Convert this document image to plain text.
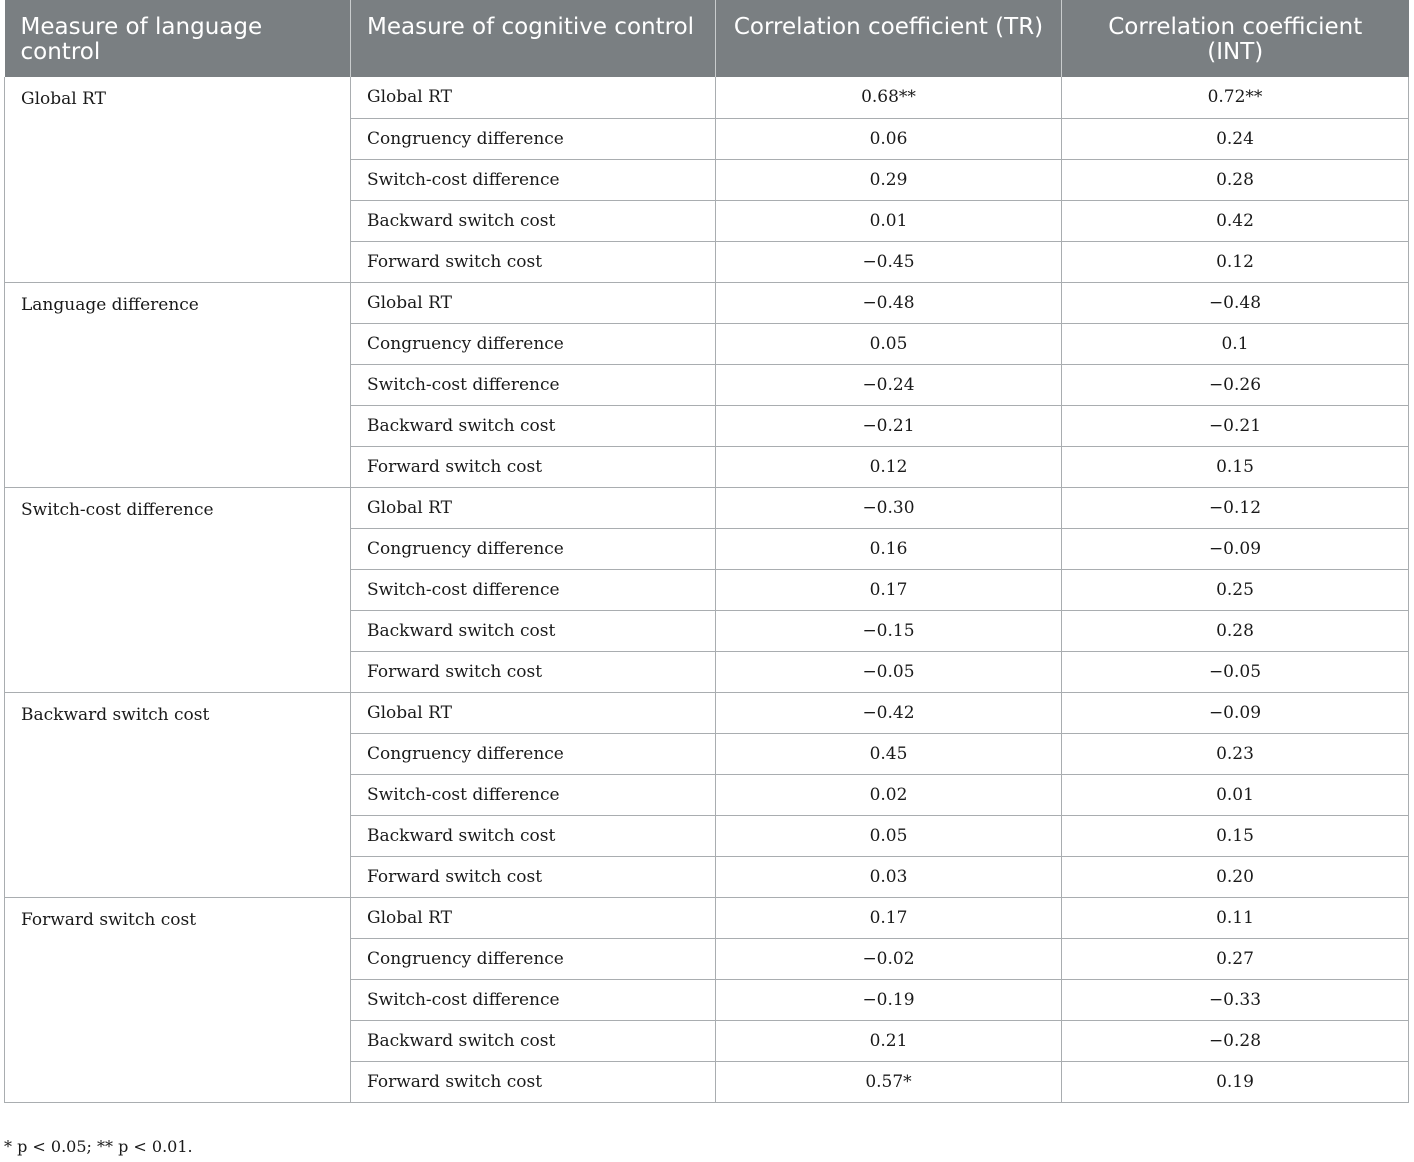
Measure of language control	Measure of cognitive control	Correlation coefficient (TR)	Correlation coefficient (INT)
Global RT	Global RT	0.68**	0.72**
	Congruency difference	0.06	0.24
	Switch-cost difference	0.29	0.28
	Backward switch cost	0.01	0.42
	Forward switch cost	−0.45	0.12
Language difference	Global RT	−0.48	−0.48
	Congruency difference	0.05	0.1
	Switch-cost difference	−0.24	−0.26
	Backward switch cost	−0.21	−0.21
	Forward switch cost	0.12	0.15
Switch-cost difference	Global RT	−0.30	−0.12
	Congruency difference	0.16	−0.09
	Switch-cost difference	0.17	0.25
	Backward switch cost	−0.15	0.28
	Forward switch cost	−0.05	−0.05
Backward switch cost	Global RT	−0.42	−0.09
	Congruency difference	0.45	0.23
	Switch-cost difference	0.02	0.01
	Backward switch cost	0.05	0.15
	Forward switch cost	0.03	0.20
Forward switch cost	Global RT	0.17	0.11
	Congruency difference	−0.02	0.27
	Switch-cost difference	−0.19	−0.33
	Backward switch cost	0.21	−0.28
	Forward switch cost	0.57*	0.19
* p < 0.05; ** p < 0.01.
